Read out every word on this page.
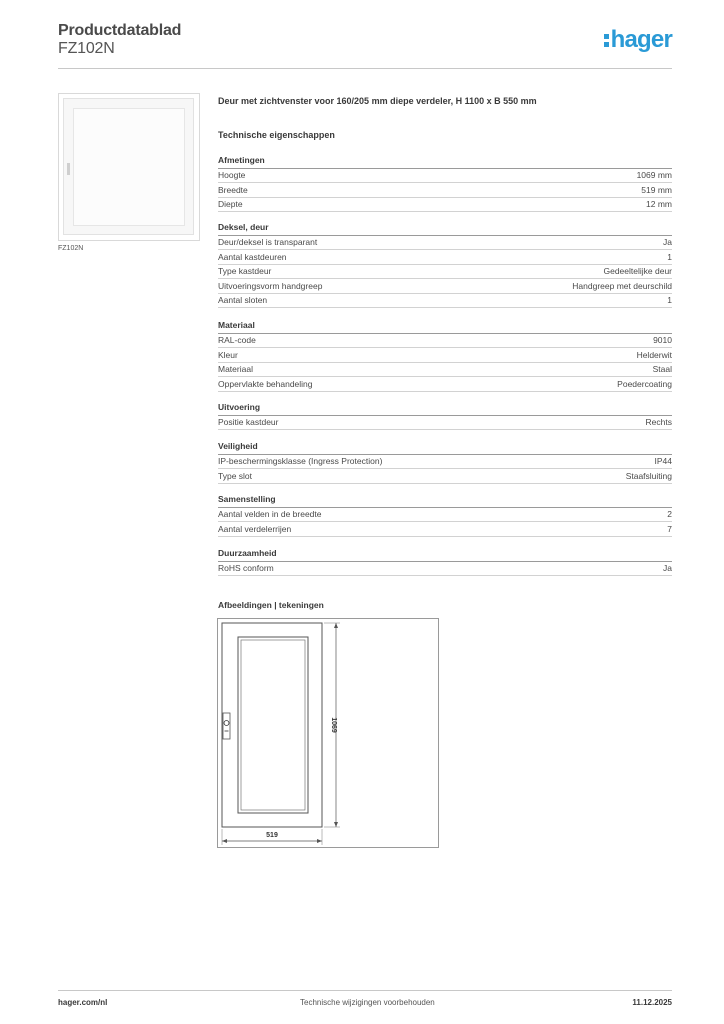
Productdatablad
FZ102N	hager
FZ102N
Deur met zichtvenster voor 160/205 mm diepe verdeler, H 1100 x B 550 mm
Technische eigenschappen
Afmetingen
Hoogte	1069 mm
Breedte	519 mm
Diepte	12 mm
Deksel, deur
Deur/deksel is transparant	Ja
Aantal kastdeuren	1
Type kastdeur	Gedeeltelijke deur
Uitvoeringsvorm handgreep	Handgreep met deurschild
Aantal sloten	1
Materiaal
RAL-code	9010
Kleur	Helderwit
Materiaal	Staal
Oppervlakte behandeling	Poedercoating
Uitvoering
Positie kastdeur	Rechts
Veiligheid
IP-beschermingsklasse (Ingress Protection)	IP44
Type slot	Staafsluiting
Samenstelling
Aantal velden in de breedte	2
Aantal verdelerrijen	7
Duurzaamheid
RoHS conform	Ja
Afbeeldingen | tekeningen
1069
519
hager.com/nl	Technische wijzigingen voorbehouden	11.12.2025
